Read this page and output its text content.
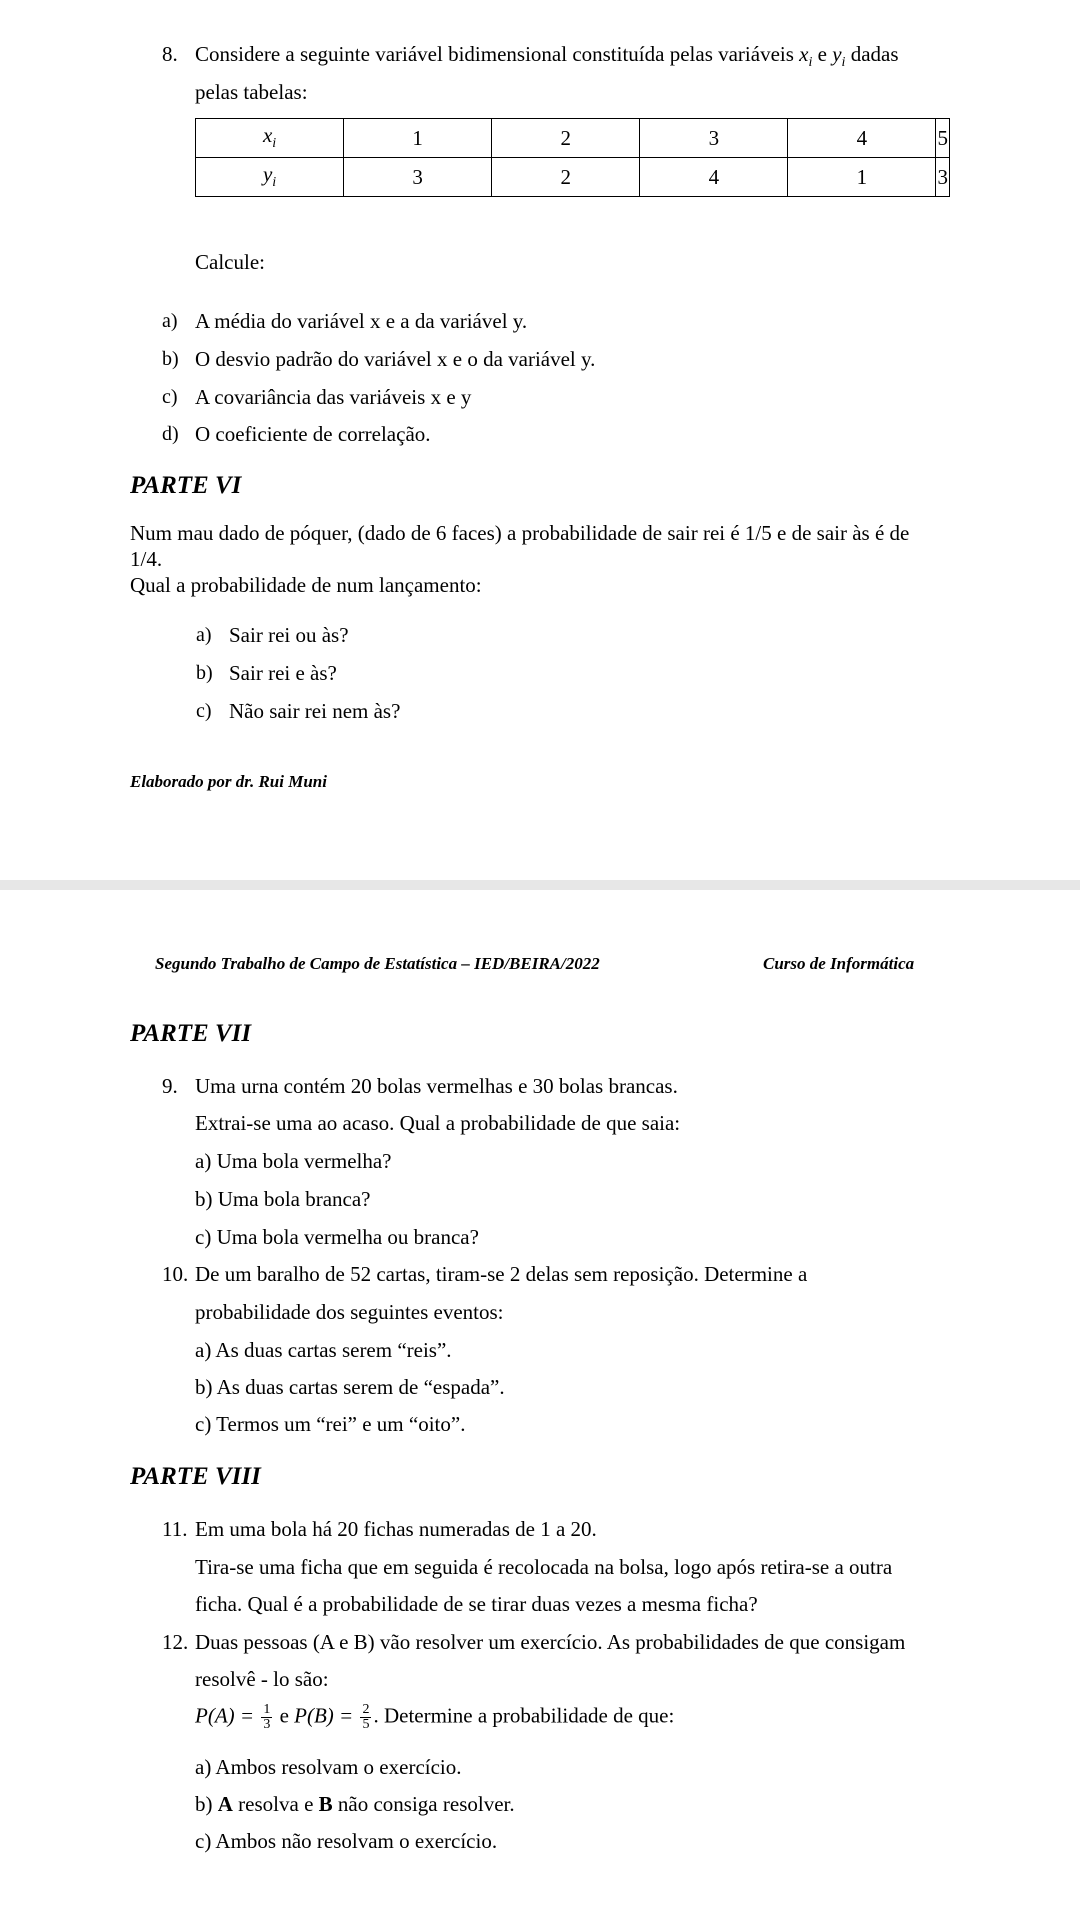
8. Considere a seguinte variável bidimensional constituída pelas variáveis $x_i$ e $y_i$ dadas
pelas tabelas:
$x_i$	1	2	3	4	5
$y_i$	3	2	4	1	3
Calcule:
a) A média do variável x e a da variável y.
b) O desvio padrão do variável x e o da variável y.
c) A covariância das variáveis x e y
d) O coeficiente de correlação.
PARTE VI
Num mau dado de póquer, (dado de 6 faces) a probabilidade de sair rei é 1/5 e de sair às é de
1/4.
Qual a probabilidade de num lançamento:
a) Sair rei ou às?
b) Sair rei e às?
c) Não sair rei nem às?
Elaborado por dr. Rui Muni
Segundo Trabalho de Campo de Estatística – IED/BEIRA/2022	Curso de Informática
PARTE VII
9. Uma urna contém 20 bolas vermelhas e 30 bolas brancas.
Extrai-se uma ao acaso. Qual a probabilidade de que saia:
a) Uma bola vermelha?
b) Uma bola branca?
c) Uma bola vermelha ou branca?
10. De um baralho de 52 cartas, tiram-se 2 delas sem reposição. Determine a
probabilidade dos seguintes eventos:
a) As duas cartas serem “reis”.
b) As duas cartas serem de “espada”.
c) Termos um “rei” e um “oito”.
PARTE VIII
11. Em uma bola há 20 fichas numeradas de 1 a 20.
Tira-se uma ficha que em seguida é recolocada na bolsa, logo após retira-se a outra
ficha. Qual é a probabilidade de se tirar duas vezes a mesma ficha?
12. Duas pessoas (A e B) vão resolver um exercício. As probabilidades de que consigam
resolvê - lo são:
$P(A) = \frac{1}{3}$ e $P(B) = \frac{2}{5}$ . Determine a probabilidade de que:
a) Ambos resolvam o exercício.
b) A resolva e B não consiga resolver.
c) Ambos não resolvam o exercício.
